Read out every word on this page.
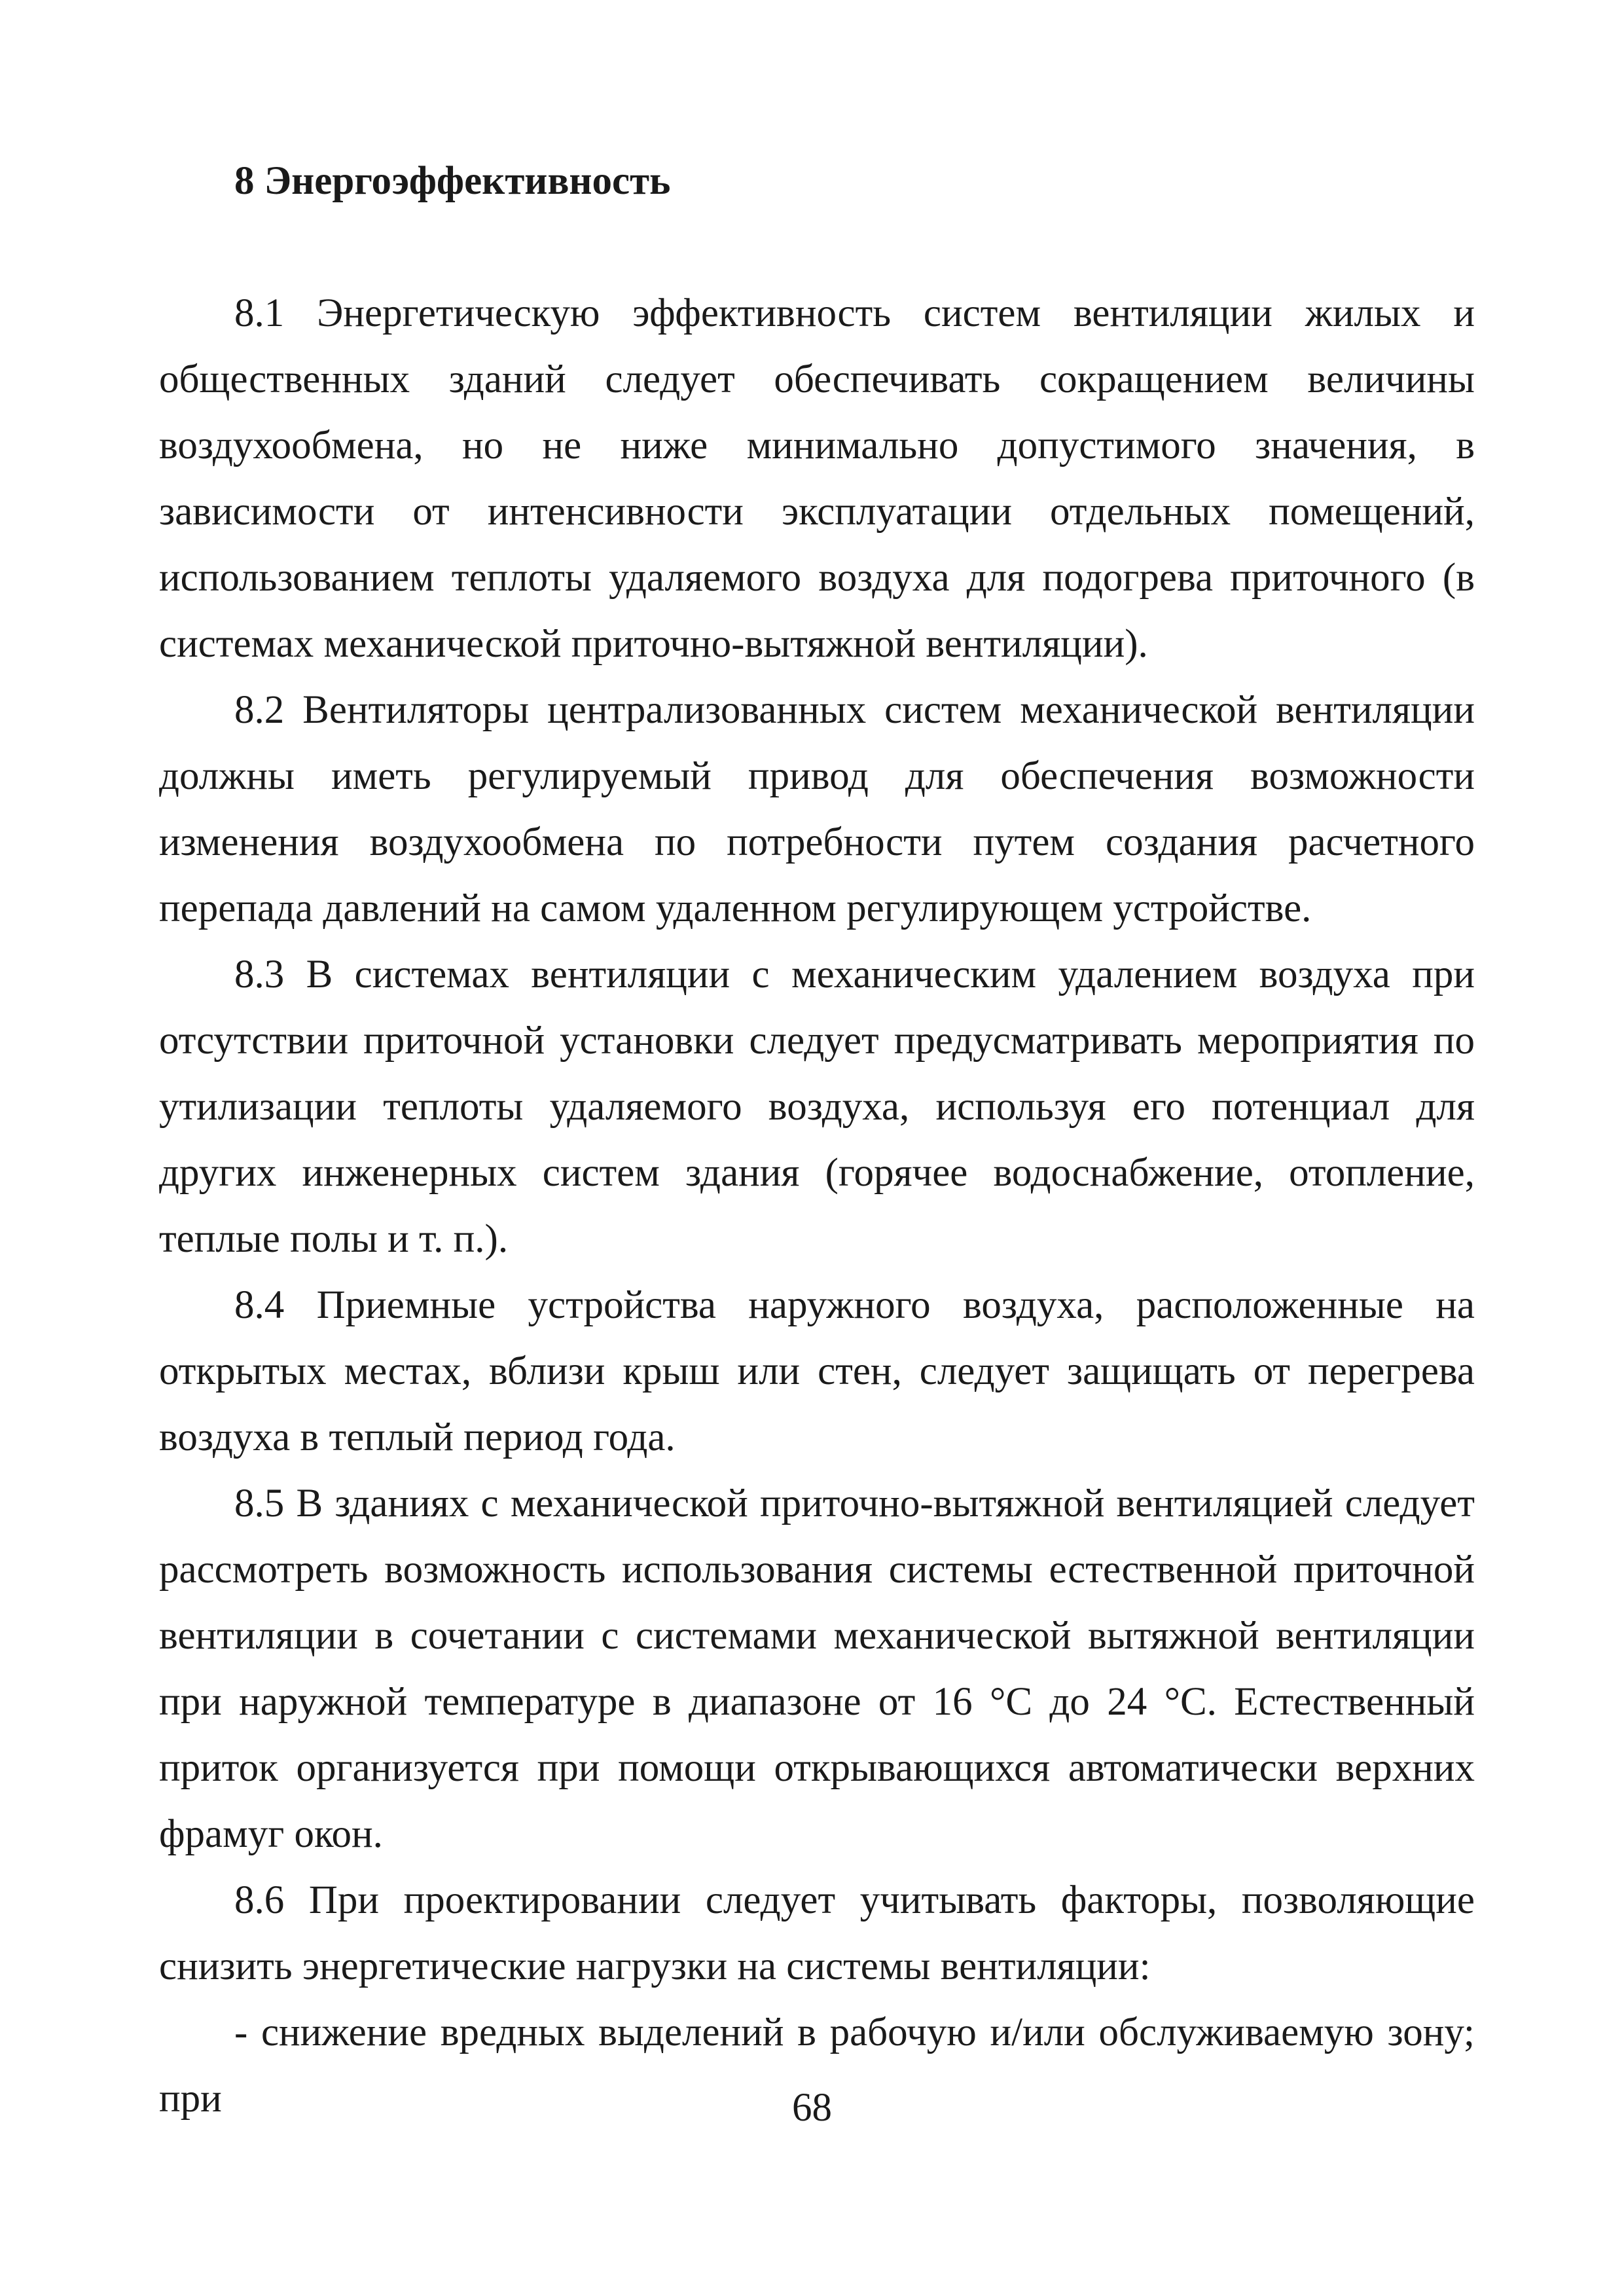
8 Энергоэффективность

8.1 Энергетическую эффективность систем вентиляции жилых и общественных зданий следует обеспечивать сокращением величины воздухообмена, но не ниже минимально допустимого значения, в зависимости от интенсивности эксплуатации отдельных помещений, использованием теплоты удаляемого воздуха для подогрева приточного (в системах механической приточно-вытяжной вентиляции).

8.2 Вентиляторы централизованных систем механической вентиляции должны иметь регулируемый привод для обеспечения возможности изменения воздухообмена по потребности путем создания расчетного перепада давлений на самом удаленном регулирующем устройстве.

8.3 В системах вентиляции с механическим удалением воздуха при отсутствии приточной установки следует предусматривать мероприятия по утилизации теплоты удаляемого воздуха, используя его потенциал для других инженерных систем здания (горячее водоснабжение, отопление, теплые полы и т. п.).

8.4 Приемные устройства наружного воздуха, расположенные на открытых местах, вблизи крыш или стен, следует защищать от перегрева воздуха в теплый период года.

8.5 В зданиях с механической приточно-вытяжной вентиляцией следует рассмотреть возможность использования системы естественной приточной вентиляции в сочетании с системами механической вытяжной вентиляции при наружной температуре в диапазоне от 16 °С до 24 °С. Естественный приток организуется при помощи открывающихся автоматически верхних фрамуг окон.

8.6 При проектировании следует учитывать факторы, позволяющие снизить энергетические нагрузки на системы вентиляции:

- снижение вредных выделений в рабочую и/или обслуживаемую зону; при	68
